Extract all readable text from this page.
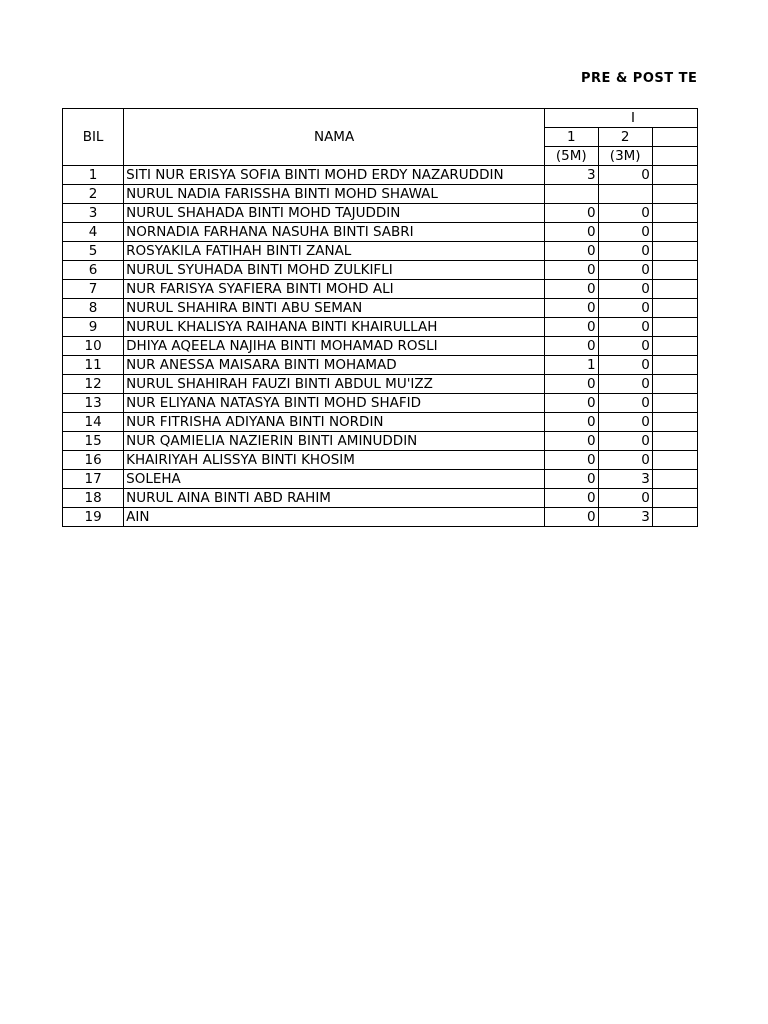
PRE & POST TE
BIL	NAMA	I		
		1	2	
		(5M)	(3M)	
1	SITI NUR ERISYA SOFIA BINTI MOHD ERDY NAZARUDDIN	3	0	
2	NURUL NADIA FARISSHA BINTI MOHD SHAWAL			
3	NURUL SHAHADA BINTI MOHD TAJUDDIN	0	0	
4	NORNADIA FARHANA NASUHA BINTI SABRI	0	0	
5	ROSYAKILA FATIHAH BINTI ZANAL	0	0	
6	NURUL SYUHADA BINTI MOHD ZULKIFLI	0	0	
7	NUR FARISYA SYAFIERA BINTI MOHD ALI	0	0	
8	NURUL SHAHIRA BINTI ABU SEMAN	0	0	
9	NURUL KHALISYA RAIHANA BINTI KHAIRULLAH	0	0	
10	DHIYA AQEELA NAJIHA BINTI MOHAMAD ROSLI	0	0	
11	NUR ANESSA MAISARA BINTI MOHAMAD	1	0	
12	NURUL SHAHIRAH FAUZI BINTI ABDUL MU'IZZ	0	0	
13	NUR ELIYANA NATASYA BINTI MOHD SHAFID	0	0	
14	NUR FITRISHA ADIYANA BINTI NORDIN	0	0	
15	NUR QAMIELIA NAZIERIN BINTI AMINUDDIN	0	0	
16	KHAIRIYAH ALISSYA BINTI KHOSIM	0	0	
17	SOLEHA	0	3	
18	NURUL AINA BINTI ABD RAHIM	0	0	
19	AIN	0	3	
